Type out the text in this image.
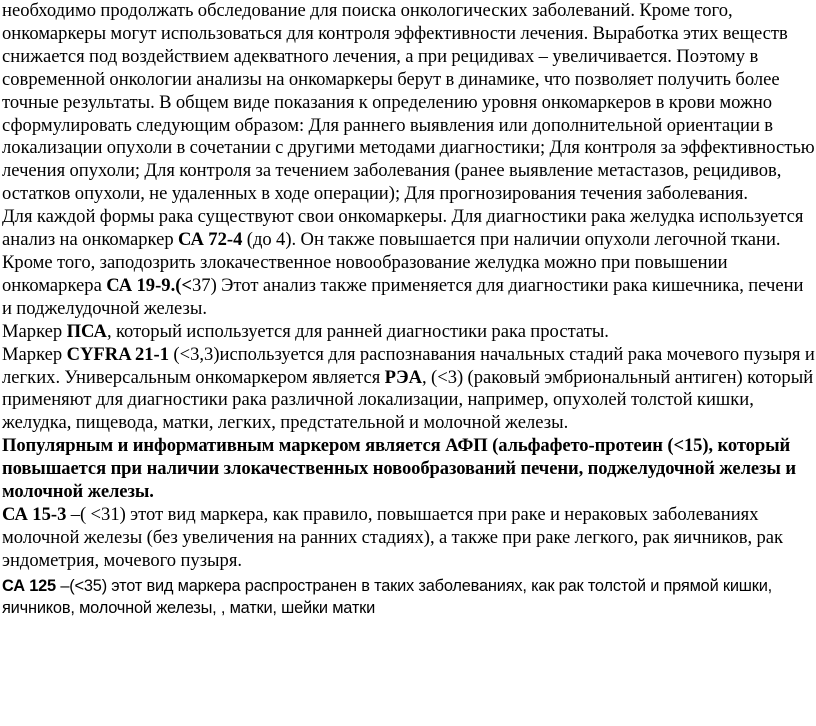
необходимо продолжать обследование для поиска онкологических заболеваний. Кроме того, онкомаркеры могут использоваться для контроля эффективности лечения. Выработка этих веществ снижается под воздействием адекватного лечения, а при рецидивах – увеличивается. Поэтому в современной онкологии анализы на онкомаркеры берут в динамике, что позволяет получить более точные результаты. В общем виде показания к определению уровня онкомаркеров в крови можно сформулировать следующим образом: Для раннего выявления или дополнительной ориентации в локализации опухоли в сочетании с другими методами диагностики; Для контроля за эффективностью лечения опухоли; Для контроля за течением заболевания (ранее выявление метастазов, рецидивов, остатков опухоли, не удаленных в ходе операции); Для прогнозирования течения заболевания.

Для каждой формы рака существуют свои онкомаркеры. Для диагностики рака желудка используется анализ на онкомаркер СА 72-4 (до 4). Он также повышается при наличии опухоли легочной ткани. Кроме того, заподозрить злокачественное новообразование желудка можно при повышении онкомаркера СА 19-9.(<37) Этот анализ также применяется для диагностики рака кишечника, печени и поджелудочной железы.

Маркер ПСА, который используется для ранней диагностики рака простаты.

Маркер CYFRA 21-1 (<3,3)используется для распознавания начальных стадий рака мочевого пузыря и легких. Универсальным онкомаркером является РЭА, (<3) (раковый эмбриональный антиген) который применяют для диагностики рака различной локализации, например, опухолей толстой кишки, желудка, пищевода, матки, легких, предстательной и молочной железы.

Популярным и информативным маркером является АФП (альфафето-протеин (<15), который повышается при наличии злокачественных новообразований печени, поджелудочной железы и молочной железы.

СА 15-3 –( <31) этот вид маркера, как правило, повышается при раке и нераковых заболеваниях молочной железы (без увеличения на ранних стадиях), а также при раке легкого, рак яичников, рак эндометрия, мочевого пузыря.

СА 125 –(<35) этот вид маркера распространен в таких заболеваниях, как рак толстой и прямой кишки, яичников, молочной железы, , матки, шейки матки
